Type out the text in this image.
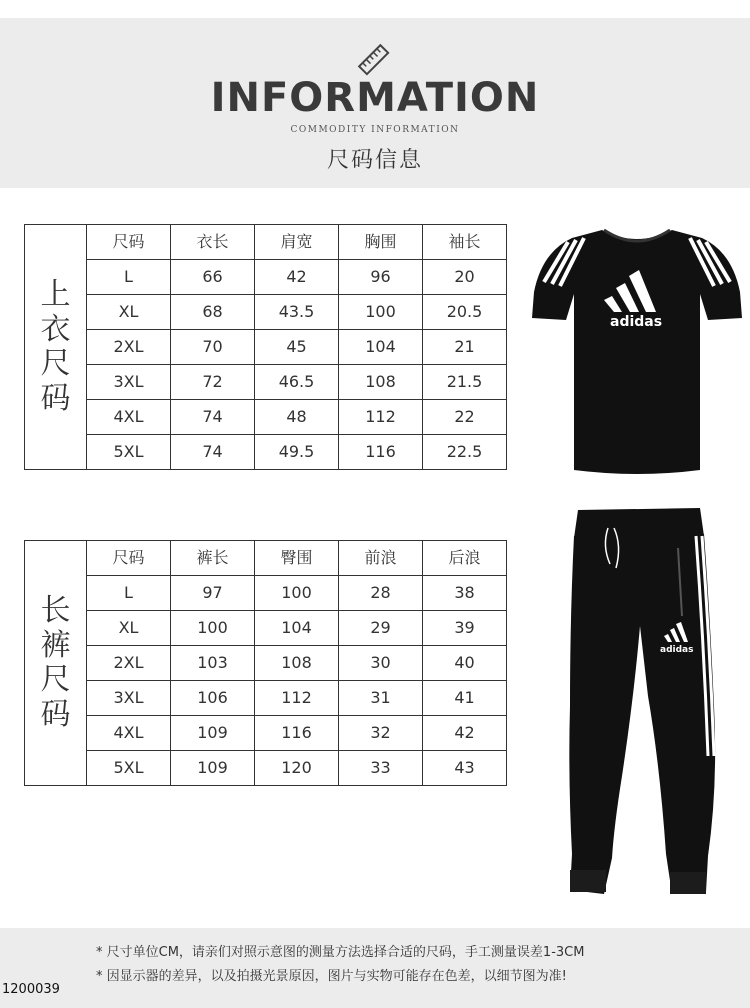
INFORMATION
COMMODITY INFORMATION
尺码信息
上衣尺码	尺码	衣长	肩宽	胸围	袖长
	L	66	42	96	20
	XL	68	43.5	100	20.5
	2XL	70	45	104	21
	3XL	72	46.5	108	21.5
	4XL	74	48	112	22
	5XL	74	49.5	116	22.5
adidas
长裤尺码	尺码	裤长	臀围	前浪	后浪
	L	97	100	28	38
	XL	100	104	29	39
	2XL	103	108	30	40
	3XL	106	112	31	41
	4XL	109	116	32	42
	5XL	109	120	33	43
adidas
* 尺寸单位CM，请亲们对照示意图的测量方法选择合适的尺码，手工测量误差1-3CM
* 因显示器的差异，以及拍摄光景原因，图片与实物可能存在色差，以细节图为准!
1200039
